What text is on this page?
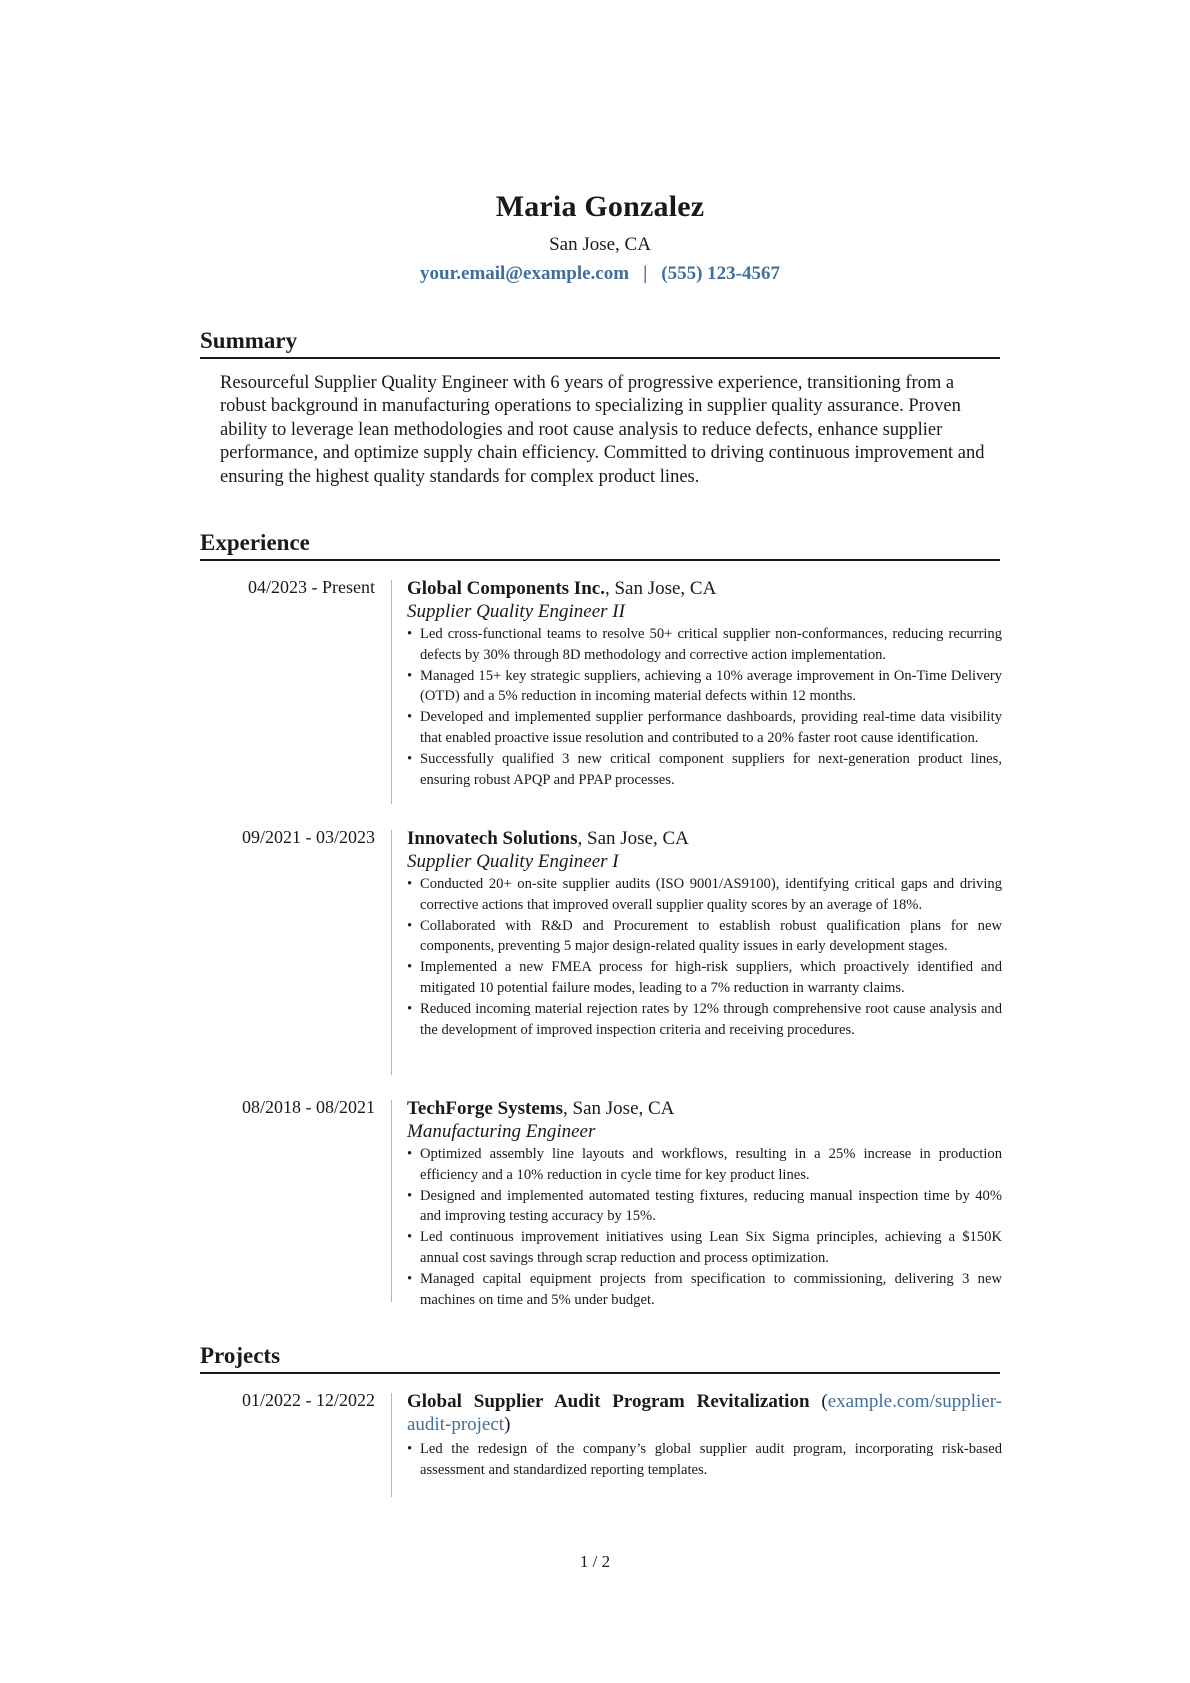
Maria Gonzalez
San Jose, CA
your.email@example.com | (555) 123-4567
Summary
Resourceful Supplier Quality Engineer with 6 years of progressive experience, transitioning from a robust background in manufacturing operations to specializing in supplier quality assurance. Proven ability to leverage lean methodologies and root cause analysis to reduce defects, enhance supplier performance, and optimize supply chain efficiency. Committed to driving continuous improvement and ensuring the highest quality standards for complex product lines.
Experience
04/2023 - Present Global Components Inc., San Jose, CA
Supplier Quality Engineer II
• Led cross-functional teams to resolve 50+ critical supplier non-conformances, reducing recurring defects by 30% through 8D methodology and corrective action implementation.
• Managed 15+ key strategic suppliers, achieving a 10% average improvement in On-Time Delivery (OTD) and a 5% reduction in incoming material defects within 12 months.
• Developed and implemented supplier performance dashboards, providing real-time data visibility that enabled proactive issue resolution and contributed to a 20% faster root cause identification.
• Successfully qualified 3 new critical component suppliers for next-generation product lines, ensuring robust APQP and PPAP processes.
09/2021 - 03/2023 Innovatech Solutions, San Jose, CA
Supplier Quality Engineer I
• Conducted 20+ on-site supplier audits (ISO 9001/AS9100), identifying critical gaps and driving corrective actions that improved overall supplier quality scores by an average of 18%.
• Collaborated with R&D and Procurement to establish robust qualification plans for new components, preventing 5 major design-related quality issues in early development stages.
• Implemented a new FMEA process for high-risk suppliers, which proactively identified and mitigated 10 potential failure modes, leading to a 7% reduction in warranty claims.
• Reduced incoming material rejection rates by 12% through comprehensive root cause analysis and the development of improved inspection criteria and receiving procedures.
08/2018 - 08/2021 TechForge Systems, San Jose, CA
Manufacturing Engineer
• Optimized assembly line layouts and workflows, resulting in a 25% increase in production efficiency and a 10% reduction in cycle time for key product lines.
• Designed and implemented automated testing fixtures, reducing manual inspection time by 40% and improving testing accuracy by 15%.
• Led continuous improvement initiatives using Lean Six Sigma principles, achieving a $150K annual cost savings through scrap reduction and process optimization.
• Managed capital equipment projects from specification to commissioning, delivering 3 new machines on time and 5% under budget.
Projects
01/2022 - 12/2022 Global Supplier Audit Program Revitalization (example.com/supplier-audit-project)
• Led the redesign of the company’s global supplier audit program, incorporating risk-based assessment and standardized reporting templates.
1 / 2
